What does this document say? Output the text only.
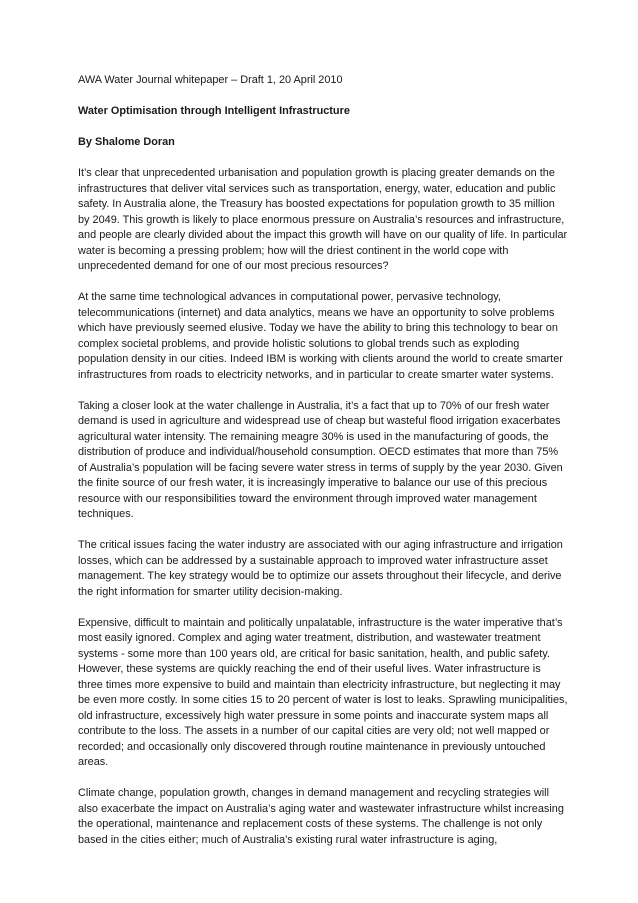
AWA Water Journal whitepaper – Draft 1, 20 April 2010

Water Optimisation through Intelligent Infrastructure

By Shalome Doran

It’s clear that unprecedented urbanisation and population growth is placing greater demands on the infrastructures that deliver vital services such as transportation, energy, water, education and public safety. In Australia alone, the Treasury has boosted expectations for population growth to 35 million by 2049. This growth is likely to place enormous pressure on Australia’s resources and infrastructure, and people are clearly divided about the impact this growth will have on our quality of life. In particular water is becoming a pressing problem; how will the driest continent in the world cope with unprecedented demand for one of our most precious resources?

At the same time technological advances in computational power, pervasive technology, telecommunications (internet) and data analytics, means we have an opportunity to solve problems which have previously seemed elusive. Today we have the ability to bring this technology to bear on complex societal problems, and provide holistic solutions to global trends such as exploding population density in our cities. Indeed IBM is working with clients around the world to create smarter infrastructures from roads to electricity networks, and in particular to create smarter water systems.

Taking a closer look at the water challenge in Australia, it’s a fact that up to 70% of our fresh water demand is used in agriculture and widespread use of cheap but wasteful flood irrigation exacerbates agricultural water intensity. The remaining meagre 30% is used in the manufacturing of goods, the distribution of produce and individual/household consumption. OECD estimates that more than 75% of Australia’s population will be facing severe water stress in terms of supply by the year 2030. Given the finite source of our fresh water, it is increasingly imperative to balance our use of this precious resource with our responsibilities toward the environment through improved water management techniques.

The critical issues facing the water industry are associated with our aging infrastructure and irrigation losses, which can be addressed by a sustainable approach to improved water infrastructure asset management. The key strategy would be to optimize our assets throughout their lifecycle, and derive the right information for smarter utility decision-making.

Expensive, difficult to maintain and politically unpalatable, infrastructure is the water imperative that’s most easily ignored. Complex and aging water treatment, distribution, and wastewater treatment systems - some more than 100 years old, are critical for basic sanitation, health, and public safety. However, these systems are quickly reaching the end of their useful lives. Water infrastructure is three times more expensive to build and maintain than electricity infrastructure, but neglecting it may be even more costly. In some cities 15 to 20 percent of water is lost to leaks. Sprawling municipalities, old infrastructure, excessively high water pressure in some points and inaccurate system maps all contribute to the loss. The assets in a number of our capital cities are very old; not well mapped or recorded; and occasionally only discovered through routine maintenance in previously untouched areas.

Climate change, population growth, changes in demand management and recycling strategies will also exacerbate the impact on Australia’s aging water and wastewater infrastructure whilst increasing the operational, maintenance and replacement costs of these systems. The challenge is not only based in the cities either; much of Australia’s existing rural water infrastructure is aging,
